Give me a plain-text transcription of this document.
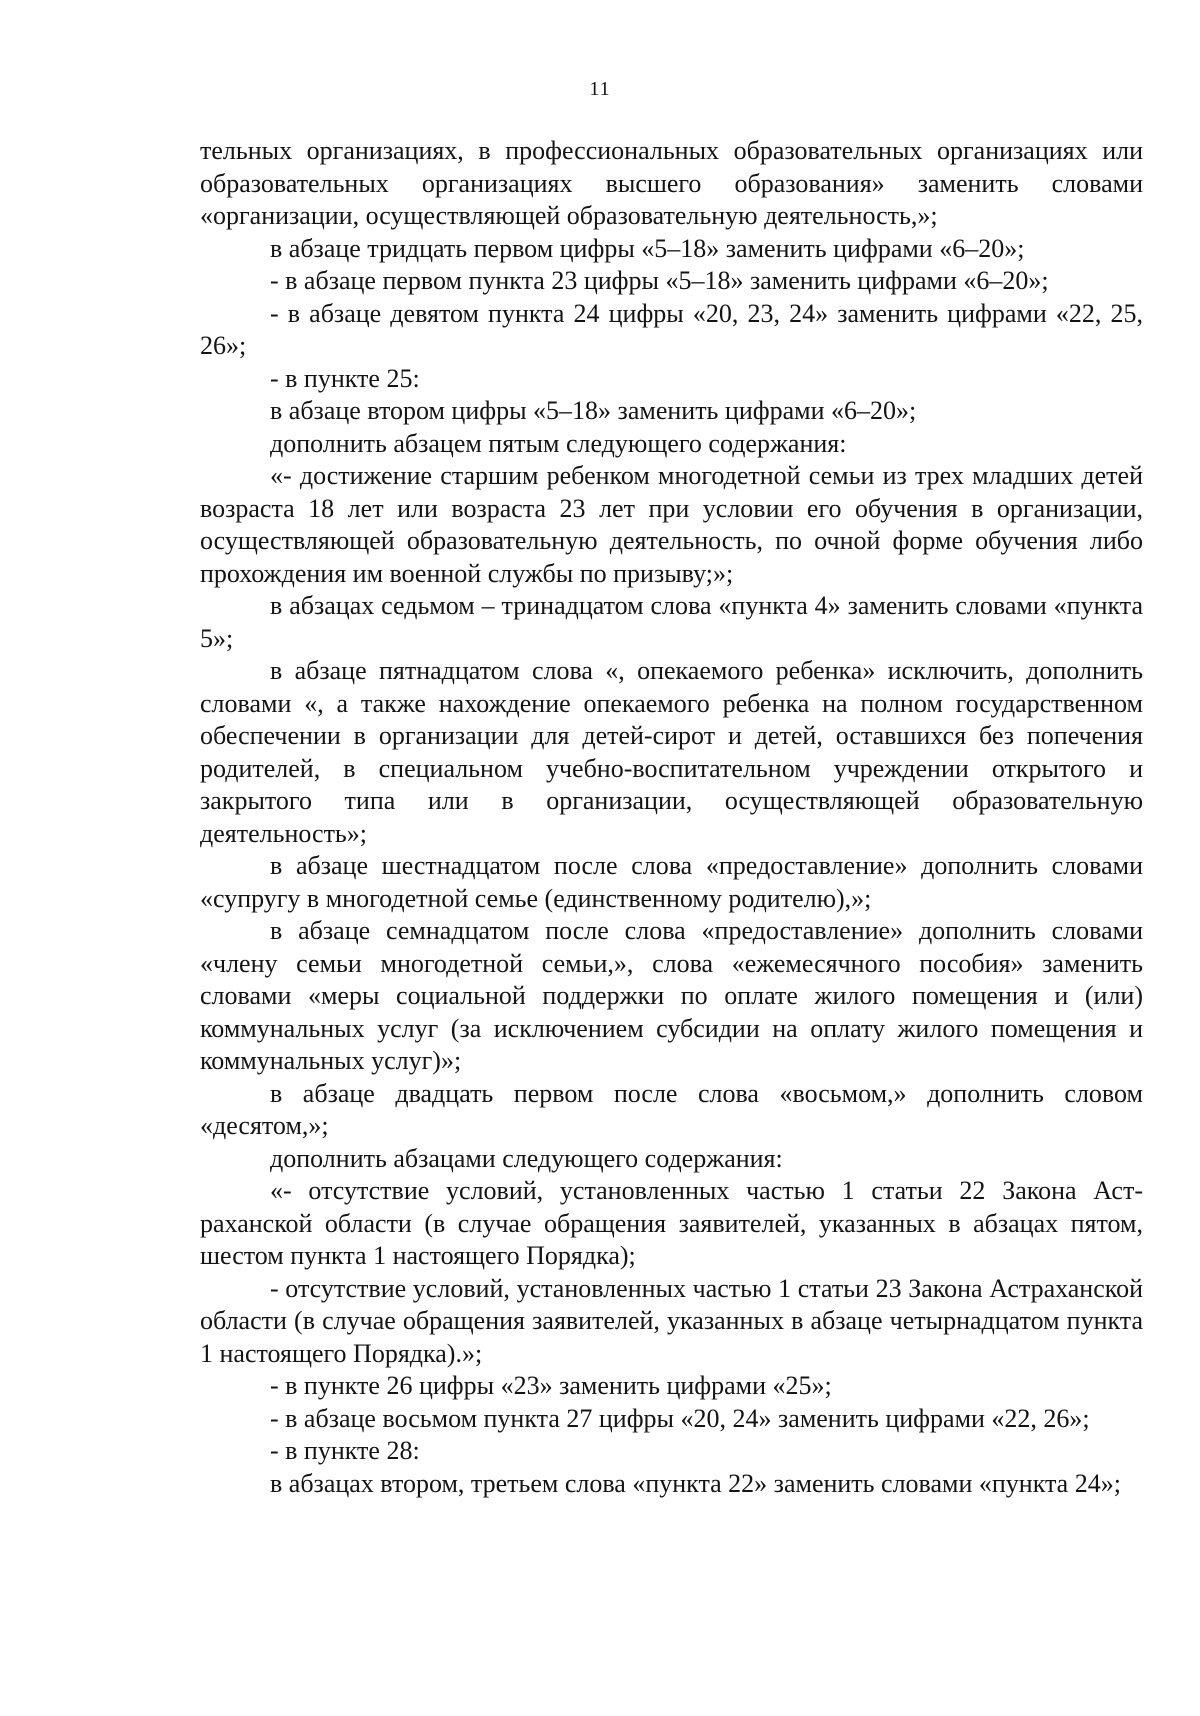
11

тельных организациях, в профессиональных образовательных организациях или образовательных организациях высшего образования» заменить словами «организации, осуществляющей образовательную деятельность,»;

в абзаце тридцать первом цифры «5–18» заменить цифрами «6–20»;

- в абзаце первом пункта 23 цифры «5–18» заменить цифрами «6–20»;

- в абзаце девятом пункта 24 цифры «20, 23, 24» заменить цифрами «22, 25, 26»;

- в пункте 25:

в абзаце втором цифры «5–18» заменить цифрами «6–20»;

дополнить абзацем пятым следующего содержания:

«- достижение старшим ребенком многодетной семьи из трех младших детей возраста 18 лет или возраста 23 лет при условии его обучения в организации, осуществляющей образовательную деятельность, по очной форме обучения либо прохождения им военной службы по призыву;»;

в абзацах седьмом – тринадцатом слова «пункта 4» заменить словами «пункта 5»;

в абзаце пятнадцатом слова «, опекаемого ребенка» исключить, дополнить словами «, а также нахождение опекаемого ребенка на полном государственном обеспечении в организации для детей-сирот и детей, оставшихся без попечения родителей, в специальном учебно-воспитательном учреждении открытого и закрытого типа или в организации, осуществляющей образовательную деятельность»;

в абзаце шестнадцатом после слова «предоставление» дополнить словами «супругу в многодетной семье (единственному родителю),»;

в абзаце семнадцатом после слова «предоставление» дополнить словами «члену семьи многодетной семьи,», слова «ежемесячного пособия» заменить словами «меры социальной поддержки по оплате жилого помещения и (или) коммунальных услуг (за исключением субсидии на оплату жилого помещения и коммунальных услуг)»;

в абзаце двадцать первом после слова «восьмом,» дополнить словом «десятом,»;

дополнить абзацами следующего содержания:

«- отсутствие условий, установленных частью 1 статьи 22 Закона Астраханской области (в случае обращения заявителей, указанных в абзацах пятом, шестом пункта 1 настоящего Порядка);

- отсутствие условий, установленных частью 1 статьи 23 Закона Астраханской области (в случае обращения заявителей, указанных в абзаце четырнадцатом пункта 1 настоящего Порядка).»;

- в пункте 26 цифры «23» заменить цифрами «25»;

- в абзаце восьмом пункта 27 цифры «20, 24» заменить цифрами «22, 26»;

- в пункте 28:

в абзацах втором, третьем слова «пункта 22» заменить словами «пункта 24»;
